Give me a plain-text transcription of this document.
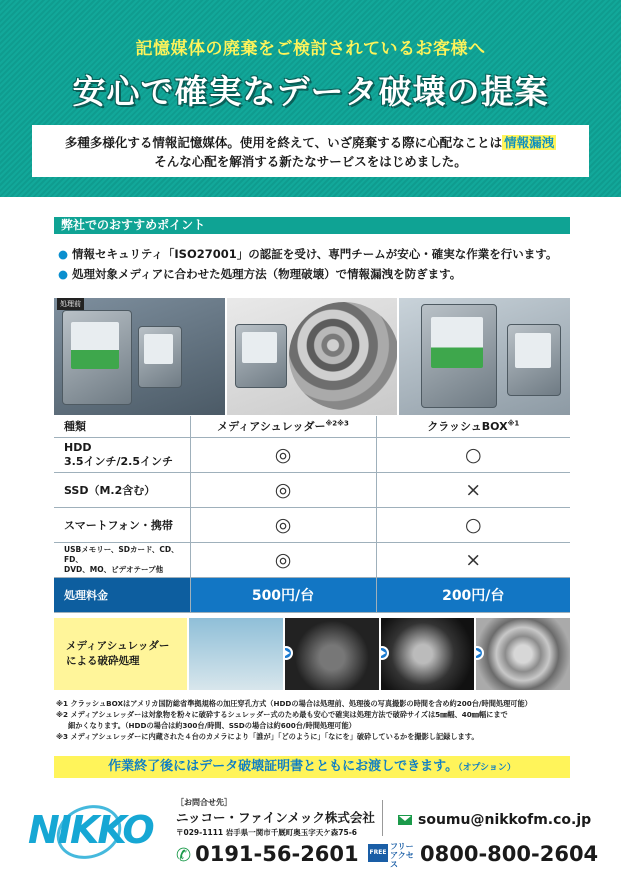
記憶媒体の廃棄をご検討されているお客様へ
安心で確実なデータ破壊の提案
多種多様化する情報記憶媒体。使用を終えて、いざ廃棄する際に心配なことは 情報漏洩
そんな心配を解消する新たなサービスをはじめました。
弊社でのおすすめポイント
● 情報セキュリティ「ISO27001」の認証を受け、専門チームが安心・確実な作業を行います。
● 処理対象メディアに合わせた処理方法（物理破壊）で情報漏洩を防ぎます。
処理前
種類	メディアシュレッダー$^{※2※3}$	クラッシュBOX$^{※1}$
HDD
3.5インチ/2.5インチ	◎	○
SSD（M.2含む）	◎	×
スマートフォン・携帯	◎	○
USBメモリー、SDカード、CD、FD、
DVD、MO、ビデオテープ他	◎	×
処理料金	500円/台	200円/台
メディアシュレッダー
による破砕処理
※1 クラッシュBOXはアメリカ国防総省準拠規格の加圧穿孔方式（HDDの場合は処理前、処理後の写真撮影の時間を含め約200台/時間処理可能）
※2 メディアシュレッダーは対象物を粉々に破砕するシュレッダー式のため最も安心で確実は処理方法で破砕サイズは5㎜幅、40㎜幅にまで
細かくなります。（HDDの場合は約300台/時間、SSDの場合は約600台/時間処理可能）
※3 メディアシュレッダーに内蔵された４台のカメラにより「誰が」「どのように」「なにを」破砕しているかを撮影し記録します。
作業終了後にはデータ破壊証明書とともにお渡しできます。（オプション）
NIKKO
［お問合せ先］
ニッコー・ファインメック株式会社
〒029-1111 岩手県一関市千厩町奥玉字天ケ森75-6
soumu@nikkofm.co.jp
✆ 0191-56-2601 FREE
フリー
アクセス	0800-800-2604
